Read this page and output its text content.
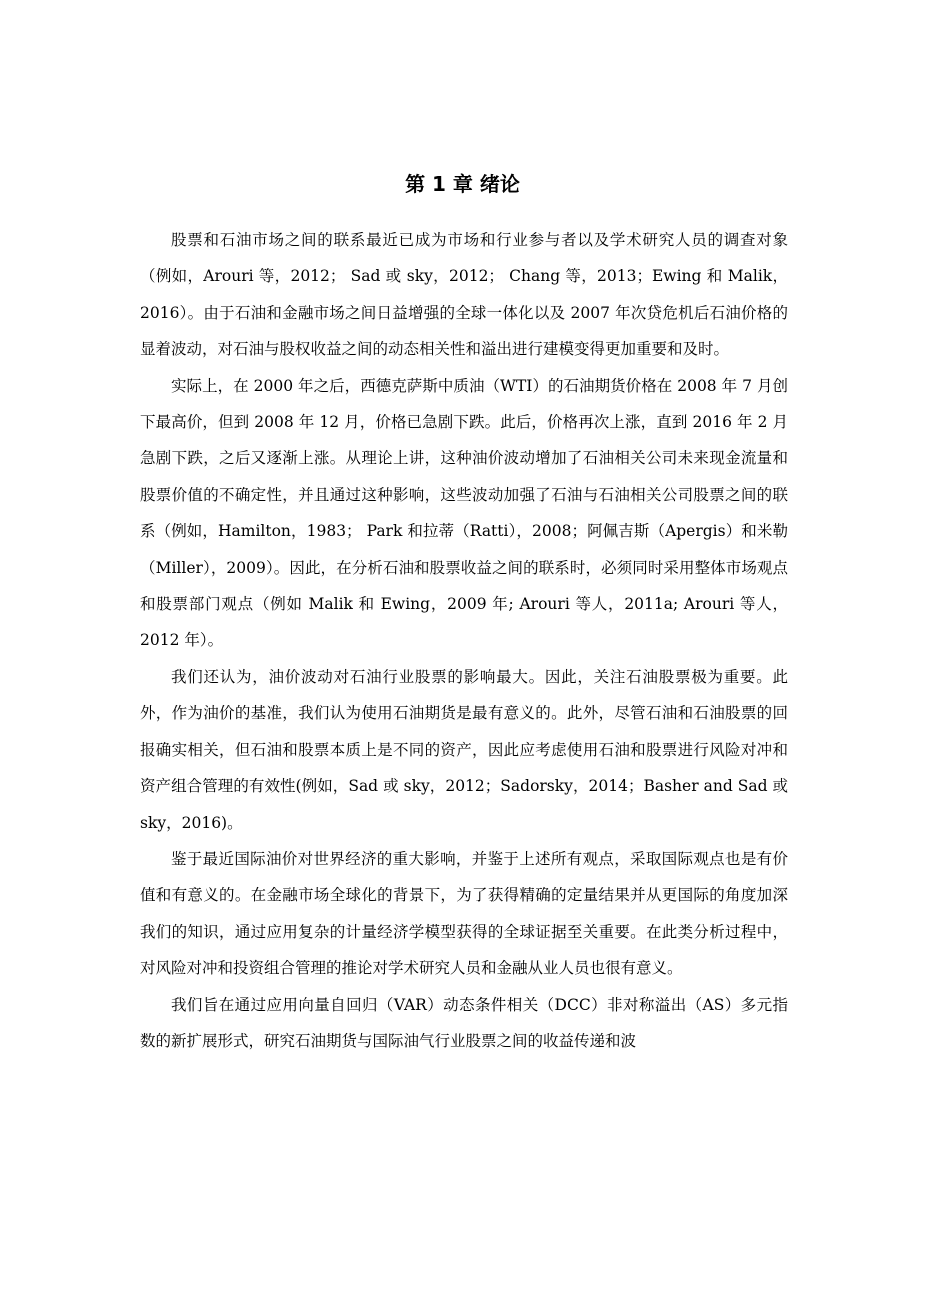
第 1 章 绪论

股票和石油市场之间的联系最近已成为市场和行业参与者以及学术研究人员的调查对象（例如，Arouri 等，2012； Sad 或 sky，2012； Chang 等，2013；Ewing 和 Malik， 2016）。由于石油和金融市场之间日益增强的全球一体化以及 2007 年次贷危机后石油价格的显着波动，对石油与股权收益之间的动态相关性和溢出进行建模变得更加重要和及时。

实际上，在 2000 年之后，西德克萨斯中质油（WTI）的石油期货价格在 2008 年 7 月创下最高价，但到 2008 年 12 月，价格已急剧下跌。此后，价格再次上涨，直到 2016 年 2 月急剧下跌，之后又逐渐上涨。从理论上讲，这种油价波动增加了石油相关公司未来现金流量和股票价值的不确定性，并且通过这种影响，这些波动加强了石油与石油相关公司股票之间的联系（例如，Hamilton，1983； Park 和拉蒂（Ratti），2008；阿佩吉斯（Apergis）和米勒（Miller），2009）。因此，在分析石油和股票收益之间的联系时，必须同时采用整体市场观点和股票部门观点（例如 Malik 和 Ewing，2009 年; Arouri 等人，2011a; Arouri 等人，2012 年）。

我们还认为，油价波动对石油行业股票的影响最大。因此，关注石油股票极为重要。此外，作为油价的基准，我们认为使用石油期货是最有意义的。此外，尽管石油和石油股票的回报确实相关，但石油和股票本质上是不同的资产，因此应考虑使用石油和股票进行风险对冲和资产组合管理的有效性(例如，Sad 或 sky，2012；Sadorsky，2014；Basher and Sad 或 sky，2016)。

鉴于最近国际油价对世界经济的重大影响，并鉴于上述所有观点，采取国际观点也是有价值和有意义的。在金融市场全球化的背景下，为了获得精确的定量结果并从更国际的角度加深我们的知识，通过应用复杂的计量经济学模型获得的全球证据至关重要。在此类分析过程中，对风险对冲和投资组合管理的推论对学术研究人员和金融从业人员也很有意义。

我们旨在通过应用向量自回归（VAR）动态条件相关（DCC）非对称溢出（AS）多元指数的新扩展形式，研究石油期货与国际油气行业股票之间的收益传递和波
